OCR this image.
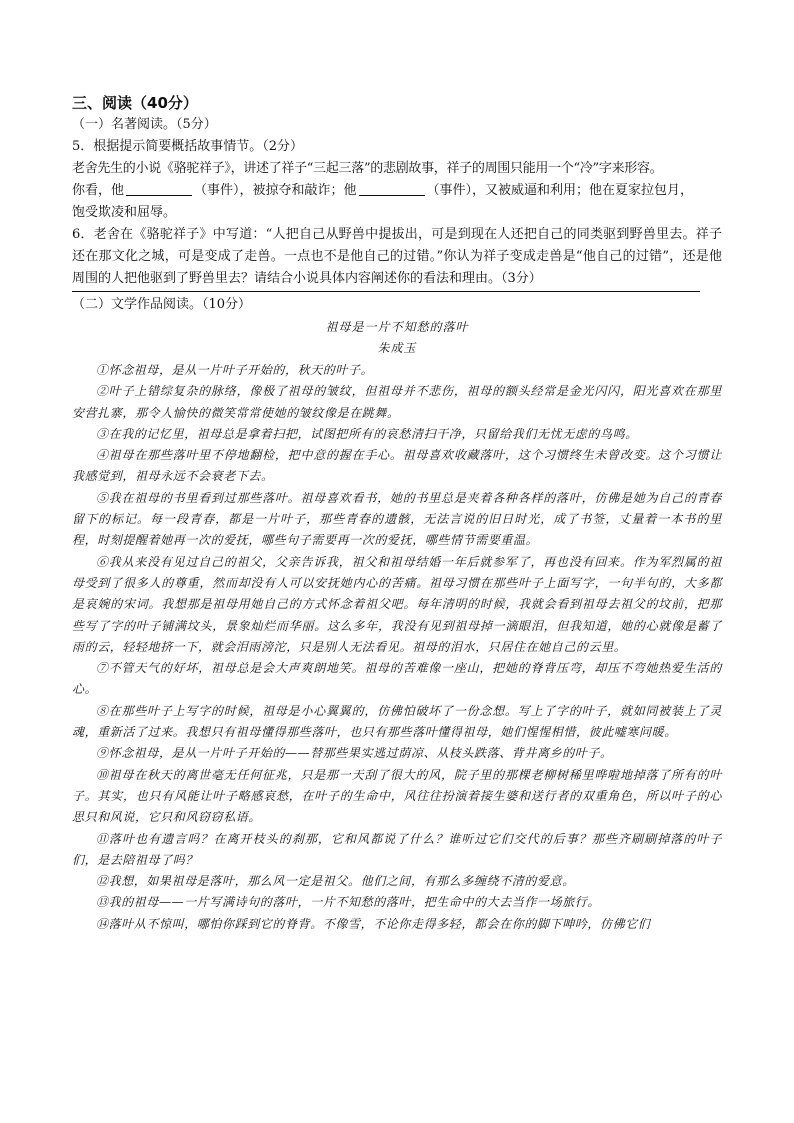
三、阅读（40分）

（一）名著阅读。（5分）

5．根据提示简要概括故事情节。（2分）

老舍先生的小说《骆驼祥子》，讲述了祥子“三起三落”的悲剧故事，祥子的周围只能用一个“冷”字来形容。

你看，他	（事件），被掠夺和敲诈；他	（事件），又被威逼和利用；他在夏家拉包月，

饱受欺凌和屈辱。

6．老舍在《骆驼祥子》中写道：“人把自己从野兽中提拔出，可是到现在人还把自己的同类驱到野兽里去。祥子还在那文化之城，可是变成了走兽。一点也不是他自己的过错。”你认为祥子变成走兽是“他自己的过错”，还是他周围的人把他驱到了野兽里去？请结合小说具体内容阐述你的看法和理由。（3分）

（二）文学作品阅读。（10分）

祖母是一片不知愁的落叶

朱成玉

①怀念祖母，是从一片叶子开始的，秋天的叶子。

②叶子上错综复杂的脉络，像极了祖母的皱纹，但祖母并不悲伤，祖母的额头经常是金光闪闪，阳光喜欢在那里安营扎寨，那令人愉快的微笑常常使她的皱纹像是在跳舞。

③在我的记忆里，祖母总是拿着扫把，试图把所有的哀愁清扫干净，只留给我们无忧无虑的鸟鸣。

④祖母在那些落叶里不停地翻检，把中意的握在手心。祖母喜欢收藏落叶，这个习惯终生未曾改变。这个习惯让我感觉到，祖母永远不会衰老下去。

⑤我在祖母的书里看到过那些落叶。祖母喜欢看书，她的书里总是夹着各种各样的落叶，仿佛是她为自己的青春留下的标记。每一段青春，都是一片叶子，那些青春的遗骸，无法言说的旧日时光，成了书签，丈量着一本书的里程，时刻提醒着她再一次的爱抚，哪些句子需要再一次的爱抚，哪些情节需要重温。

⑥我从来没有见过自己的祖父，父亲告诉我，祖父和祖母结婚一年后就参军了，再也没有回来。作为军烈属的祖母受到了很多人的尊重，然而却没有人可以安抚她内心的苦痛。祖母习惯在那些叶子上面写字，一句半句的，大多都是哀婉的宋词。我想那是祖母用她自己的方式怀念着祖父吧。每年清明的时候，我就会看到祖母去祖父的坟前，把那些写了字的叶子铺满坟头，景象灿烂而华丽。这么多年，我没有见到祖母掉一滴眼泪，但我知道，她的心就像是蓄了雨的云，轻轻地挤一下，就会泪雨滂沱，只是别人无法看见。祖母的泪水，只居住在她自己的云里。

⑦不管天气的好坏，祖母总是会大声爽朗地笑。祖母的苦难像一座山，把她的脊背压弯，却压不弯她热爱生活的心。

⑧在那些叶子上写字的时候，祖母是小心翼翼的，仿佛怕破坏了一份念想。写上了字的叶子，就如同被装上了灵魂，重新活了过来。我想只有祖母懂得那些落叶，也只有那些落叶懂得祖母，她们惺惺相惜，彼此嘘寒问暖。

⑨怀念祖母，是从一片叶子开始的——替那些果实逃过荫凉、从枝头跌落、背井离乡的叶子。

⑩祖母在秋天的离世毫无任何征兆，只是那一天刮了很大的风，院子里的那棵老柳树稀里哗啦地掉落了所有的叶子。其实，也只有风能让叶子略感哀愁，在叶子的生命中，风往往扮演着接生婆和送行者的双重角色，所以叶子的心思只和风说，它只和风窃窃私语。

⑪落叶也有遗言吗？在离开枝头的刹那，它和风都说了什么？谁听过它们交代的后事？那些齐刷刷掉落的叶子们，是去陪祖母了吗？

⑫我想，如果祖母是落叶，那么风一定是祖父。他们之间，有那么多缠绕不清的爱意。

⑬我的祖母——一片写满诗句的落叶，一片不知愁的落叶，把生命中的大去当作一场旅行。

⑭落叶从不惊叫，哪怕你踩到它的脊背。不像雪，不论你走得多轻，都会在你的脚下呻吟，仿佛它们
